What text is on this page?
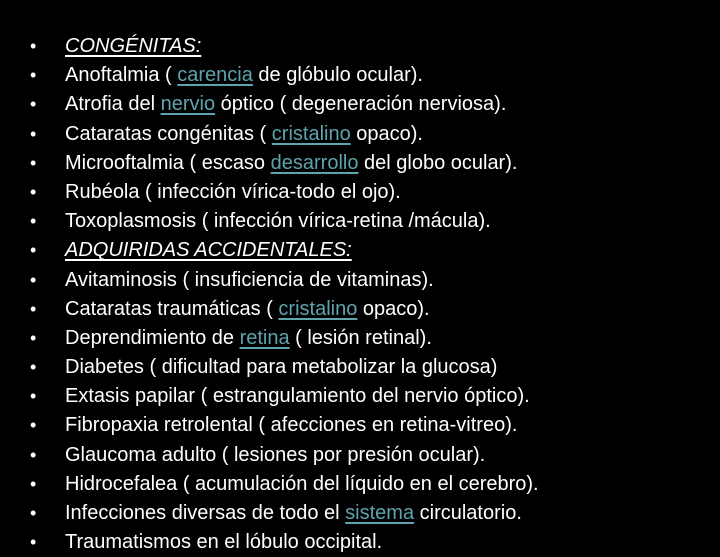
• CONGÉNITAS:
• Anoftalmia ( carencia de glóbulo ocular).
• Atrofia del nervio óptico ( degeneración nerviosa).
• Cataratas congénitas ( cristalino opaco).
• Microoftalmia ( escaso desarrollo del globo ocular).
• Rubéola ( infección vírica-todo el ojo).
• Toxoplasmosis ( infección vírica-retina /mácula).
• ADQUIRIDAS ACCIDENTALES:
• Avitaminosis ( insuficiencia de vitaminas).
• Cataratas traumáticas ( cristalino opaco).
• Deprendimiento de retina ( lesión retinal).
• Diabetes ( dificultad para metabolizar la glucosa)
• Extasis papilar ( estrangulamiento del nervio óptico).
• Fibropaxia retrolental ( afecciones en retina-vitreo).
• Glaucoma adulto ( lesiones por presión ocular).
• Hidrocefalea ( acumulación del líquido en el cerebro).
• Infecciones diversas de todo el sistema circulatorio.
• Traumatismos en el lóbulo occipital.
